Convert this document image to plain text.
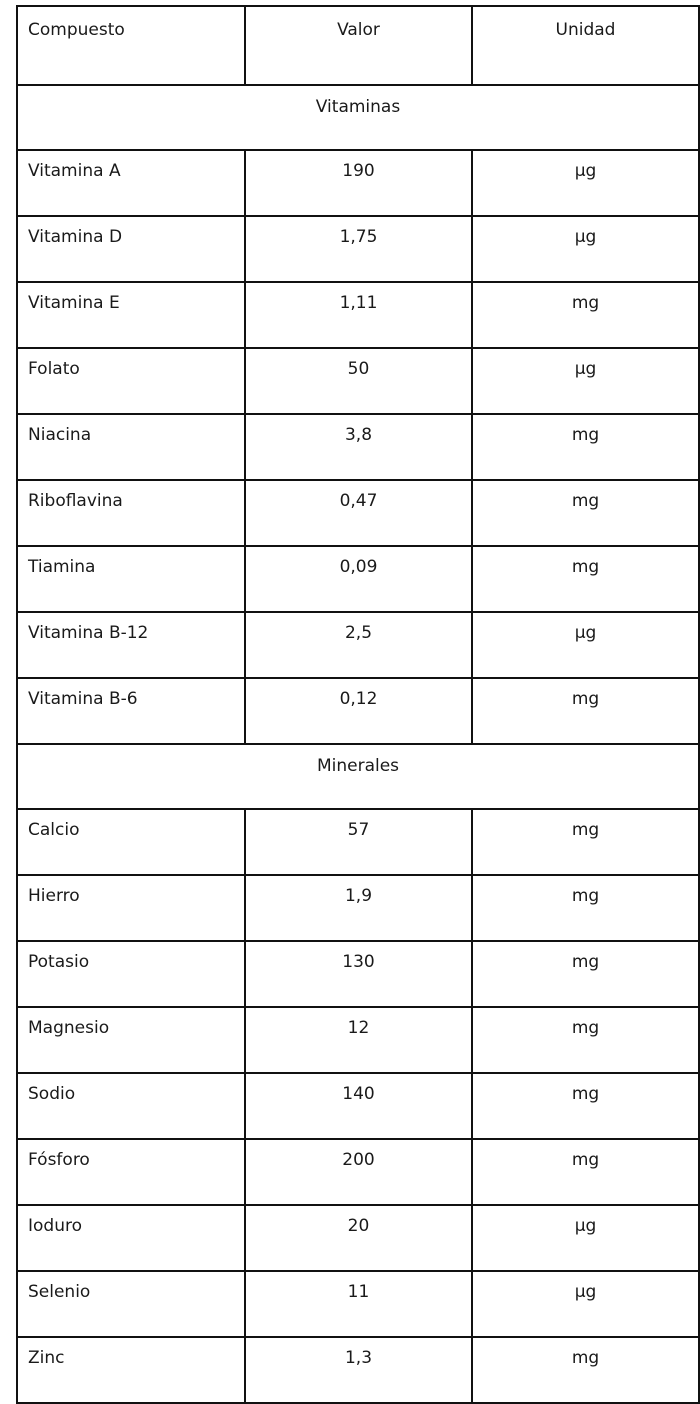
Compuesto	Valor	Unidad
Vitaminas		
Vitamina A	190	µg
Vitamina D	1,75	µg
Vitamina E	1,11	mg
Folato	50	µg
Niacina	3,8	mg
Riboflavina	0,47	mg
Tiamina	0,09	mg
Vitamina B-12	2,5	µg
Vitamina B-6	0,12	mg
Minerales		
Calcio	57	mg
Hierro	1,9	mg
Potasio	130	mg
Magnesio	12	mg
Sodio	140	mg
Fósforo	200	mg
Ioduro	20	µg
Selenio	11	µg
Zinc	1,3	mg
